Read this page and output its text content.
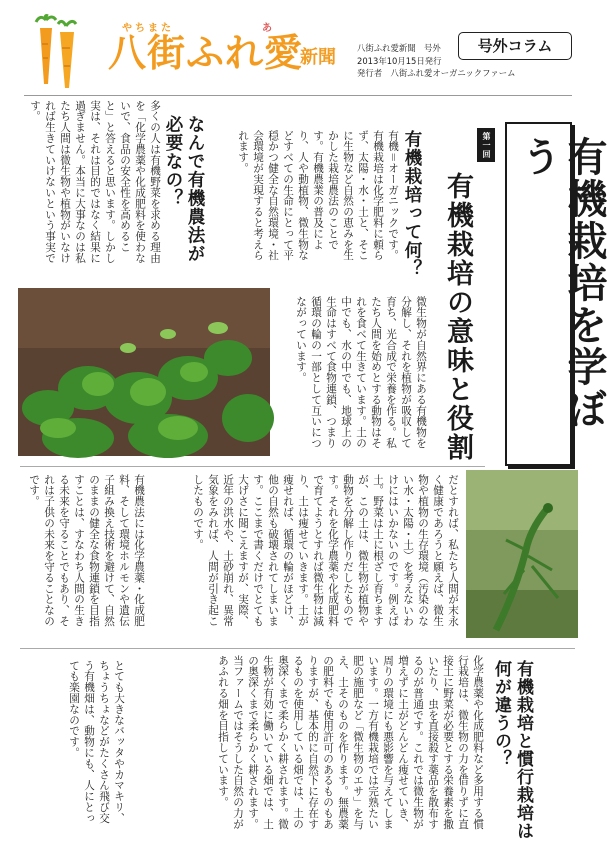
や ち ま た	あ
八街ふれ愛
新聞	八街ふれ愛新聞　号外
2013年10月15日発行
発行者　八街ふれ愛オーガニックファーム
号外コラム
有機栽培を学ぼう
第一回
有機栽培の意味と役割
有機栽培って何？
有機＝オーガニックです。有機栽培は化学肥料に頼らず、太陽・水・土と、そこに生物など自然の恵みを生かした栽培農法のことです。有機農業の普及により、人や動植物、微生物などすべての生命にとって平穏かつ健全な自然環境・社会環境が実現すると考えられます。
なんで有機農法が必要なの？
多くの人は有機野菜を求める理由を「化学農薬や化成肥料を使わないで、食品の安全性を高めること」と答えると思います。しかし実は、それは目的ではなく結果に過ぎません。本当に大事なのは私たち人間は微生物や植物がいなければ生きていけないという事実です。
微生物が自然界にある有機物を分解し、それを植物が吸収して育ち、光合成で栄養を作る。私たち人間を始めとする動物はそれを食べて生きています。土の中でも、水の中でも、地球上の生命はすべて食物連鎖、つまり循環の輪の一部として互いにつながっています。
だとすれば、私たち人間が末永く健康であろうと願えば、微生物や植物の生存環境（汚染のない水・太陽・土）を考えないわけにはいかないのです。例えば土。野菜は土に根ざし育ちますが、この土は、微生物が植物や動物を分解し作りだしたものです。それを化学農薬や化成肥料で育てようとすれば微生物は減り、土は痩せていきます。土が痩せれば、循環の輪がほどけ、他の自然も破壊されてしまいます。ここまで書くだけでとても大げさに聞こえますが、実際、近年の洪水や、土砂崩れ、異常気象をみれば、人間が引き起こしたものです。
有機農法には化学農薬・化成肥料、そして環境ホルモンや遺伝子組み換え技術を避けて、自然のままの健全な食物連鎖を目指すことは、すなわち人間の生きる未来を守ることでもあり、それは子供の未来を守ることなのです。
有機栽培と慣行栽培は何が違うの？
化学農薬や化成肥料など多用する慣行栽培は、微生物の力を借りずに直接土に野菜が必要とする栄養素を撒いたり、虫を直接殺す薬品を散布するのが普通です。これでは微生物が増えずに土がどんどん痩せていき、周りの環境にも悪影響を与えてしまいます。一方有機栽培では完熟たい肥の施肥など「微生物のエサ」を与え、土そのものを作ります。無農薬の肥料でも使用許可のあるものもありますが、基本的に自然下に存在するものを使用している畑では、土の奥深くまで柔らかく耕されます。微生物が有効に働いている畑では、土の奥深くまで柔らかく耕されます。当ファームではそうした自然の力があふれる畑を目指しています。
とても大きなバッタやカマキリ、ちょうちょなどがたくさん飛び交う有機畑は、動物にも、人にとっても楽園なのです。
